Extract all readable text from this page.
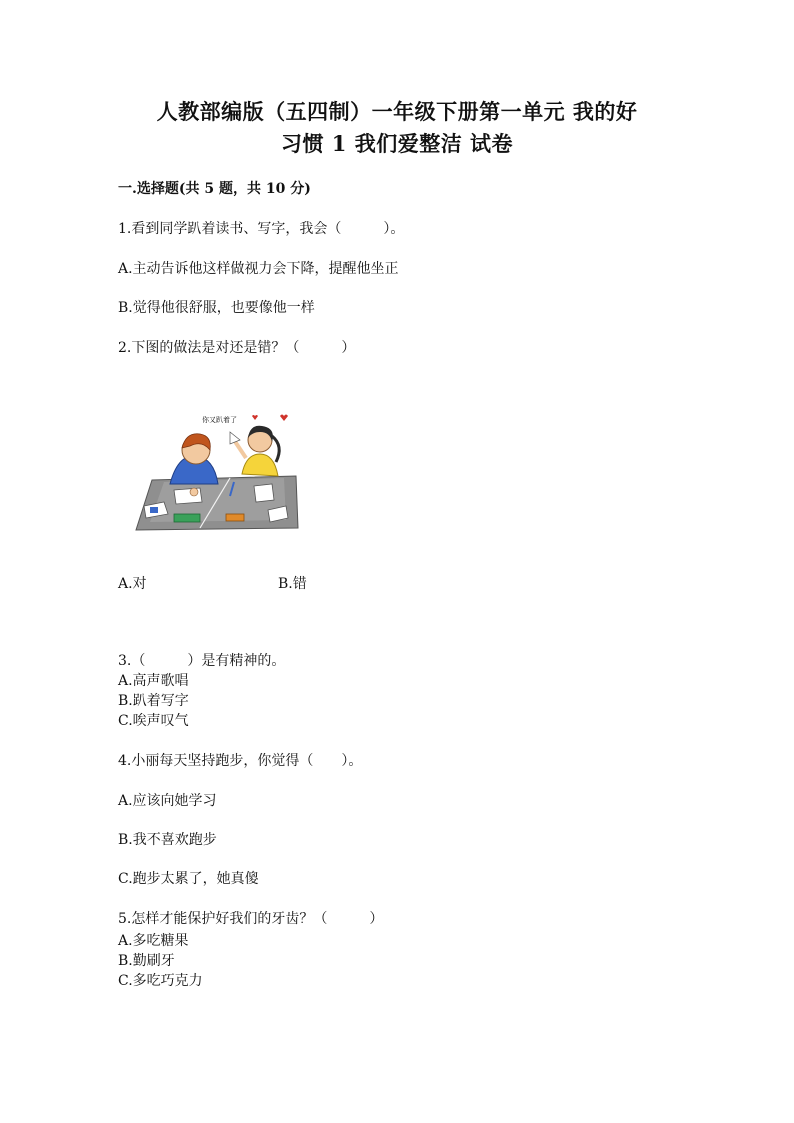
人教部编版（五四制）一年级下册第一单元 我的好
习惯 1 我们爱整洁 试卷
一.选择题(共 5 题，共 10 分)
1.看到同学趴着读书、写字，我会（　　　）。
A.主动告诉他这样做视力会下降，提醒他坐正
B.觉得他很舒服，也要像他一样
2.下图的做法是对还是错？（　　　）
你又趴着了
A.对	B.错
3.（　　　）是有精神的。
A.高声歌唱
B.趴着写字
C.唉声叹气
4.小丽每天坚持跑步，你觉得（　　）。
A.应该向她学习
B.我不喜欢跑步
C.跑步太累了，她真傻
5.怎样才能保护好我们的牙齿？（　　　）
A.多吃糖果
B.勤刷牙
C.多吃巧克力
